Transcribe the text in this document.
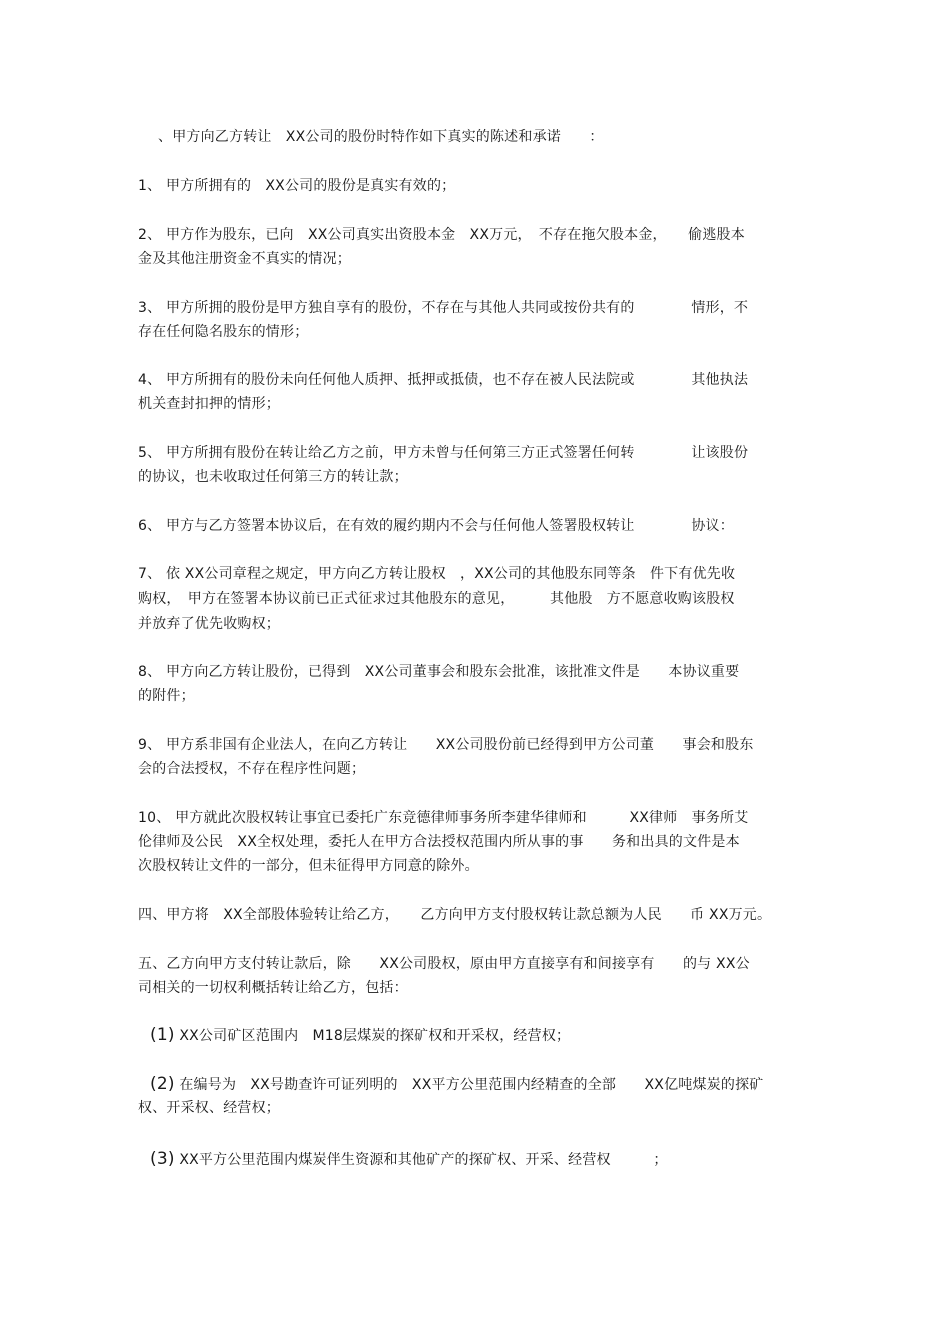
、甲方向乙方转让　XX公司的股份时特作如下真实的陈述和承诺　　：
1、 甲方所拥有的　XX公司的股份是真实有效的；
2、 甲方作为股东，已向　XX公司真实出资股本金　XX万元，　不存在拖欠股本金，　　偷逃股本
金及其他注册资金不真实的情况；
3、 甲方所拥的股份是甲方独自享有的股份，不存在与其他人共同或按份共有的　　　　情形，不
存在任何隐名股东的情形；
4、 甲方所拥有的股份未向任何他人质押、抵押或抵债，也不存在被人民法院或　　　　其他执法
机关查封扣押的情形；
5、 甲方所拥有股份在转让给乙方之前，甲方未曾与任何第三方正式签署任何转　　　　让该股份
的协议，也未收取过任何第三方的转让款；
6、 甲方与乙方签署本协议后，在有效的履约期内不会与任何他人签署股权转让　　　　协议：
7、 依 XX公司章程之规定，甲方向乙方转让股权　，XX公司的其他股东同等条　件下有优先收
购权，　甲方在签署本协议前已正式征求过其他股东的意见，　　　其他股　方不愿意收购该股权
并放弃了优先收购权；
8、 甲方向乙方转让股份，已得到　XX公司董事会和股东会批准，该批准文件是　　本协议重要
的附件；
9、 甲方系非国有企业法人，在向乙方转让　　XX公司股份前已经得到甲方公司董　　事会和股东
会的合法授权，不存在程序性问题；
10、 甲方就此次股权转让事宜已委托广东竞德律师事务所李建华律师和　　　XX律师　事务所艾
伦律师及公民　XX全权处理，委托人在甲方合法授权范围内所从事的事　　务和出具的文件是本
次股权转让文件的一部分，但未征得甲方同意的除外。
四、甲方将　XX全部股体验转让给乙方，　　乙方向甲方支付股权转让款总额为人民　　币 XX万元。
五、乙方向甲方支付转让款后，除　　XX公司股权，原由甲方直接享有和间接享有　　的与 XX公
司相关的一切权利概括转让给乙方，包括：
(1) XX公司矿区范围内　M18层煤炭的探矿权和开采权，经营权；
(2) 在编号为　XX号勘查许可证列明的　XX平方公里范围内经精查的全部　　XX亿吨煤炭的探矿
权、开采权、经营权；
(3) XX平方公里范围内煤炭伴生资源和其他矿产的探矿权、开采、经营权　　　；
